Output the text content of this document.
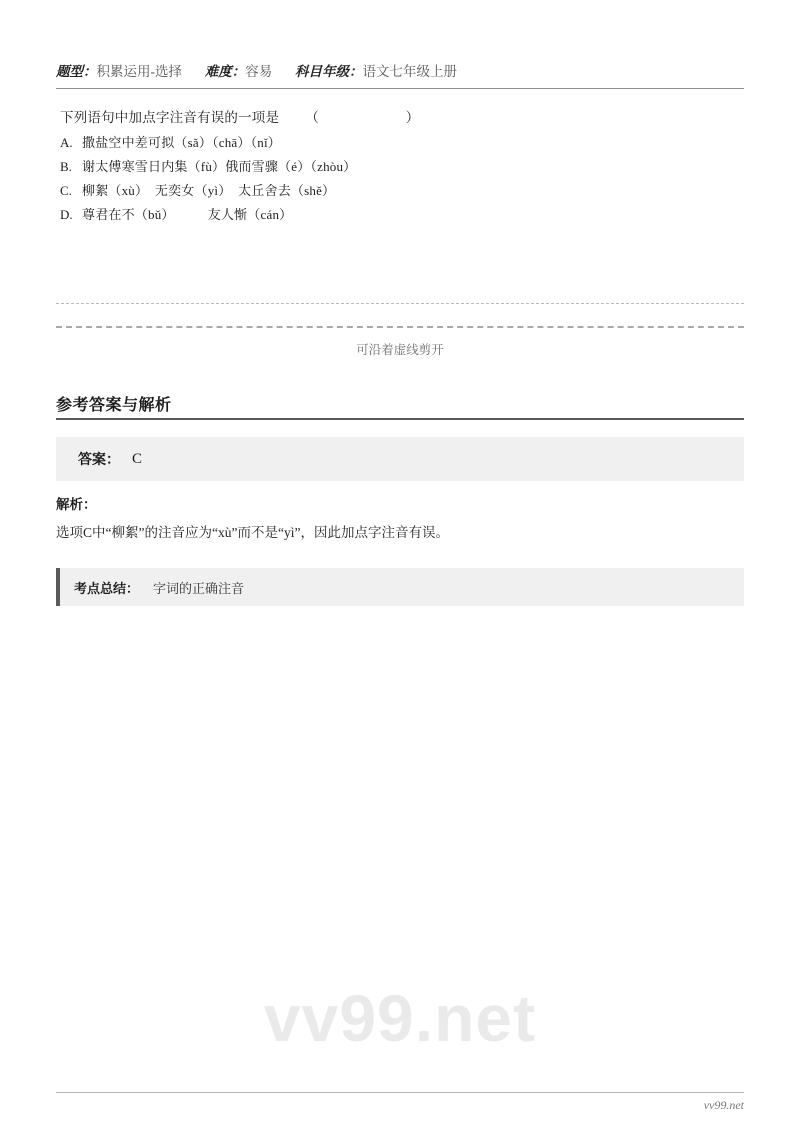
题型：积累运用-选择 难度：容易 科目年级：语文七年级上册
下列语句中加点字注音有误的一项是 （　　）
A. 撒盐空中差可拟（sǎ）（chā）（nǐ）
B. 谢太傅寒雪日内集（fù）俄而雪骤（é）（zhòu）
C. 柳絮（xù）　无奕女（yì）　太丘舍去（shě）
D. 尊君在不（bǔ）　　　友人惭（cán）
可沿着虚线剪开
参考答案与解析
答案： C
解析：
选项C中“柳絮”的注音应为“xù”而不是“yì”，因此加点字注音有误。
考点总结： 字词的正确注音
vv99.net
vv99.net
